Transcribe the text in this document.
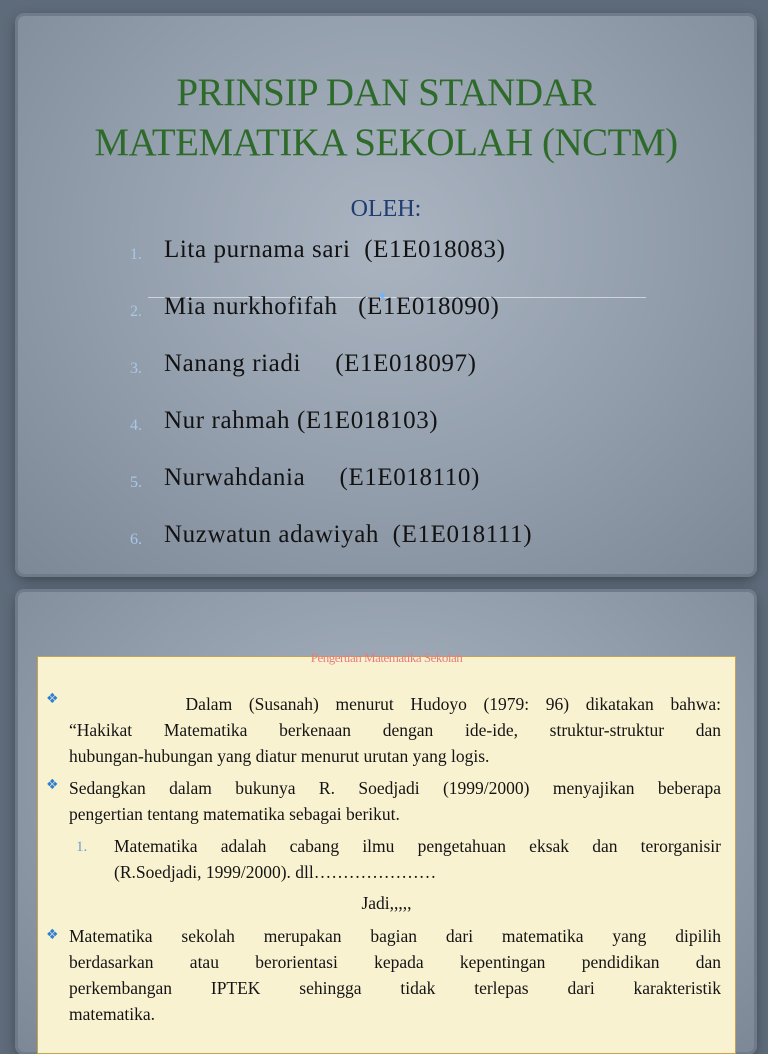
PRINSIP DAN STANDAR
MATEMATIKA SEKOLAH (NCTM)
OLEH:
1. Lita purnama sari  (E1E018083)
2. Mia nurkhofifah   (E1E018090)
3. Nanang riadi     (E1E018097)
4. Nur rahmah (E1E018103)
5. Nurwahdania     (E1E018110)
6. Nuzwatun adawiyah  (E1E018111)
Pengertian Matematika Sekolah
❖ Dalam (Susanah) menurut Hudoyo (1979: 96) dikatakan bahwa:
“Hakikat Matematika berkenaan dengan ide-ide, struktur-struktur dan
hubungan-hubungan yang diatur menurut urutan yang logis.
❖ Sedangkan dalam bukunya R. Soedjadi (1999/2000) menyajikan beberapa
pengertian tentang matematika sebagai berikut.
1. Matematika adalah cabang ilmu pengetahuan eksak dan terorganisir
(R.Soedjadi, 1999/2000). dll…………………
Jadi,,,,,
❖ Matematika sekolah merupakan bagian dari matematika yang dipilih
berdasarkan atau berorientasi kepada kepentingan pendidikan dan
perkembangan IPTEK sehingga tidak terlepas dari karakteristik
matematika.
